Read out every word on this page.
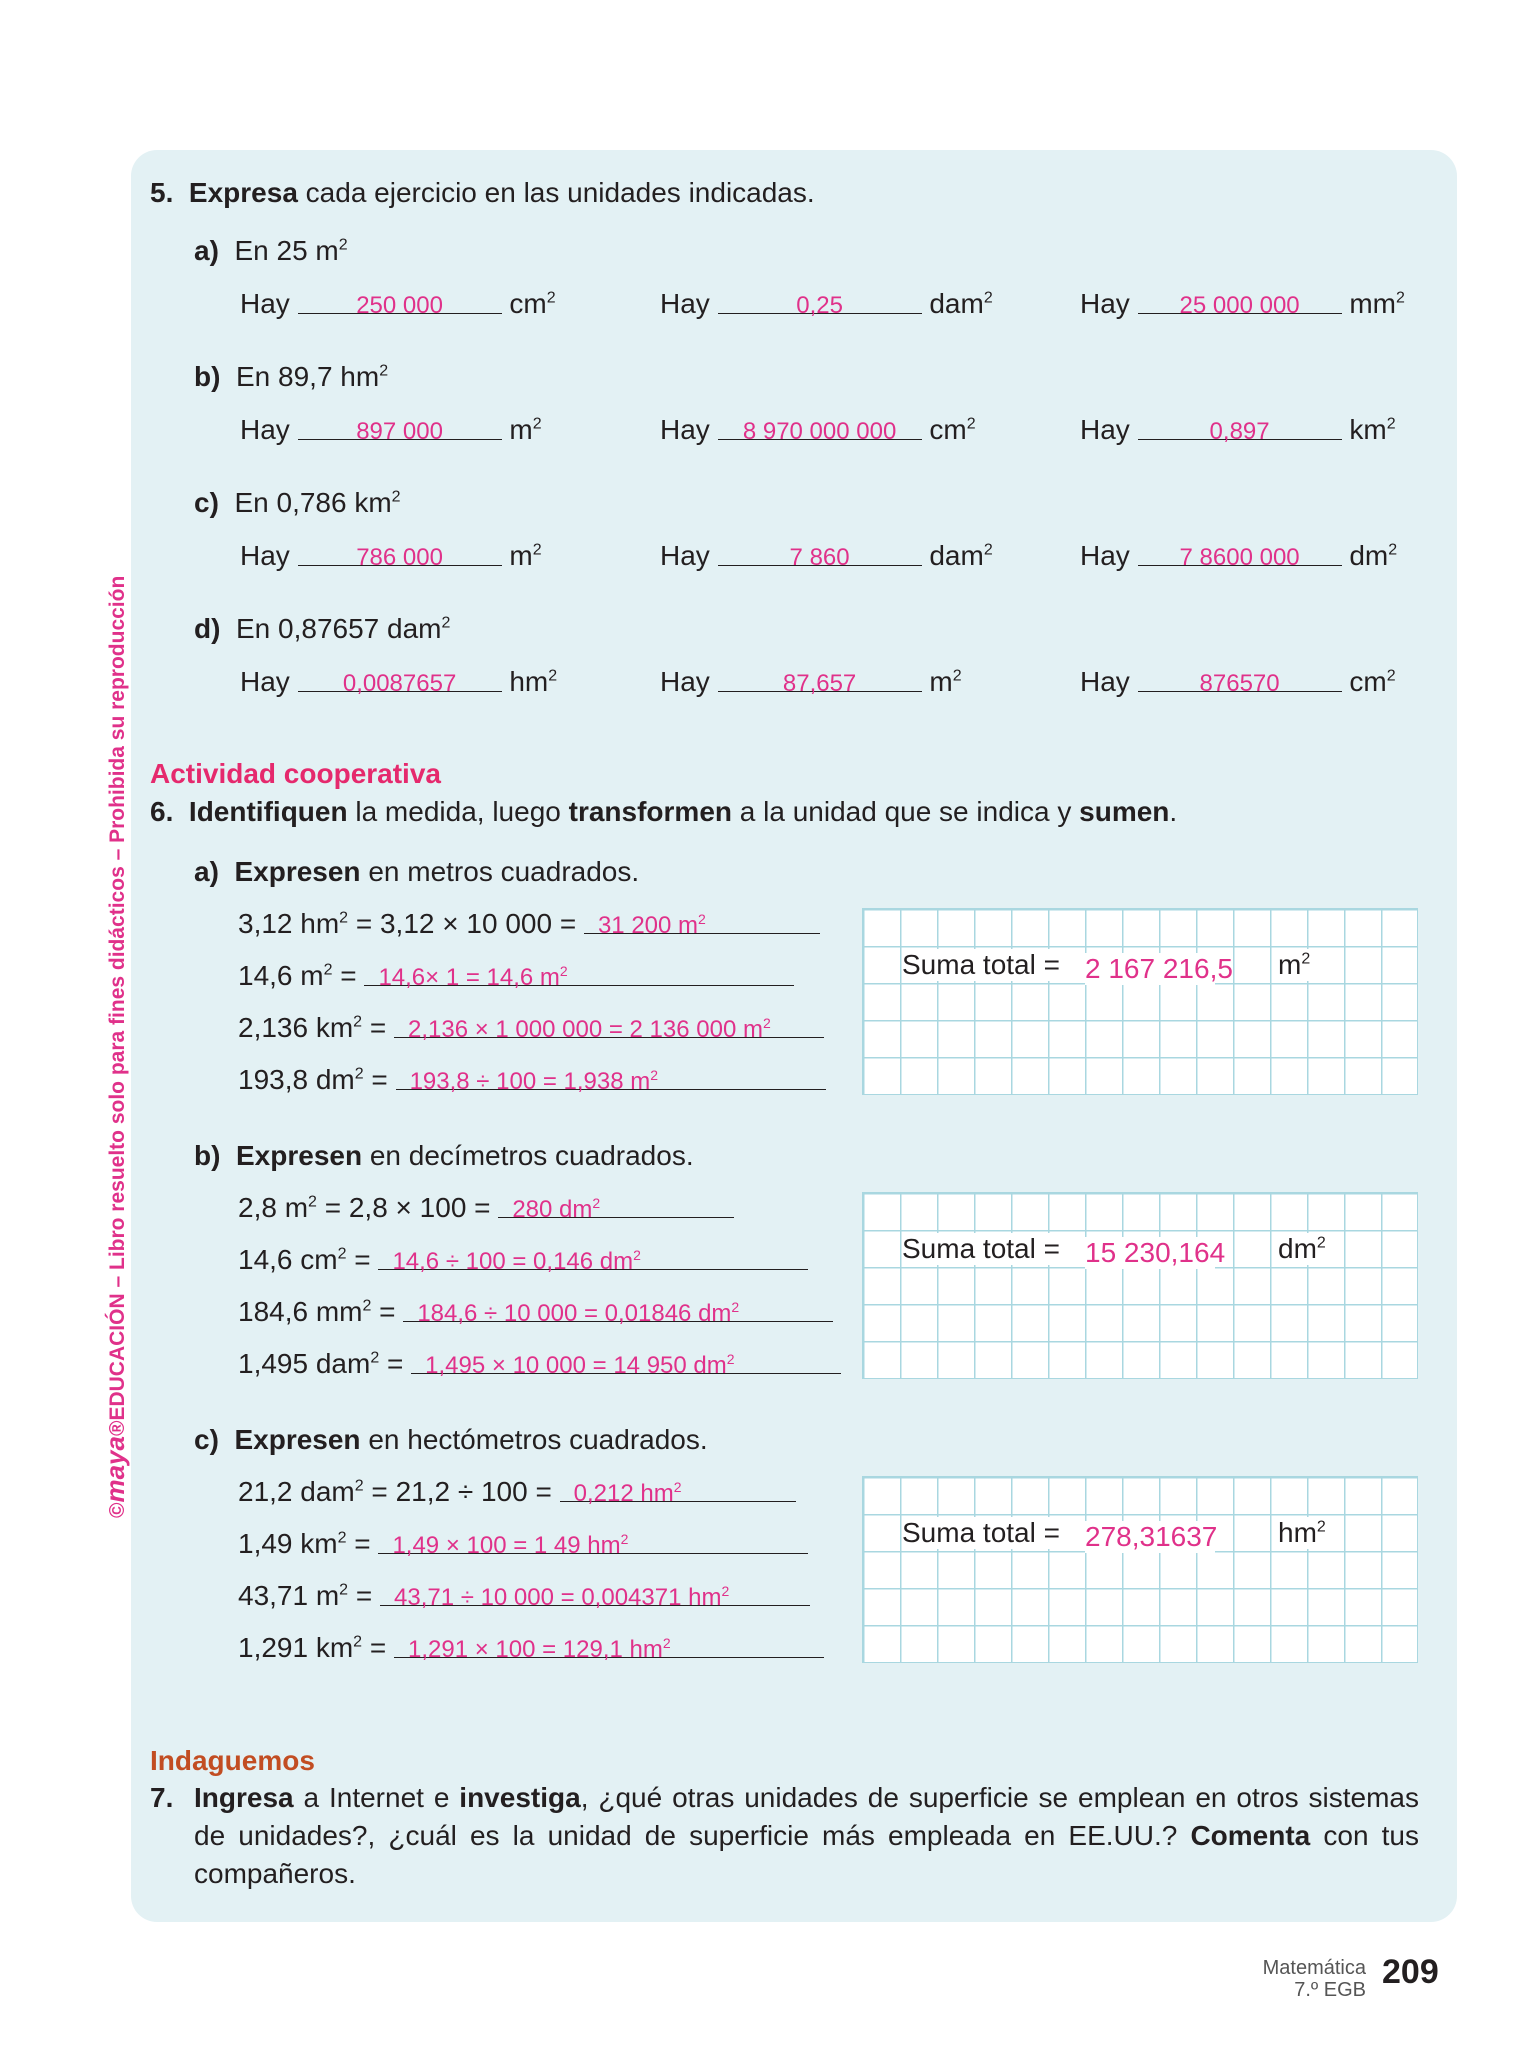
©maya®EDUCACIÓN – Libro resuelto solo para fines didácticos – Prohibida su reproducción
5. Expresa cada ejercicio en las unidades indicadas.
a) En 25 $m^2$
Hay	250 000 $cm^2$	Hay	0,25	dam$^2$	Hay 25 000 000 $mm^2$
b) En 89,7 $hm^2$
Hay	897 000 $m^2$	Hay 8 970 000 000 $cm^2$	Hay	0,897	$km^2$
c) En 0,786 $km^2$
Hay	786 000 $m^2$	Hay	7 860	dam$^2$	Hay 7 8600 000 $dm^2$
d) En 0,87657 dam$^2$
Hay 0,0087657 $hm^2$	Hay	87,657	$m^2$	Hay	876570 $cm^2$
Actividad cooperativa
6. Identifiquen la medida, luego transformen a la unidad que se indica y sumen.
a) Expresen en metros cuadrados.
3,12 $hm^2 = 3,12 \times 10$ 000 = 31 200 $m^2$
14,6 $m^2 = 14,6\times 1 = 14,6$ $m^2$
2,136 $km^2 = 2,136 \times 1$ 000 000 = 2 136 000 $m^2$
193,8 $dm^2 = 193,8 \div 100 = 1,938$ $m^2$
Suma total = 2 167 216,5 $m^2$
b) Expresen en decímetros cuadrados.
2,8 $m^2 = 2,8 \times 100 = 280$ $dm^2$
14,6 $cm^2 = 14,6 \div 100 = 0,146$ $dm^2$
184,6 $mm^2 = 184,6 \div 10$ 000 = 0,01846 $dm^2$
1,495 dam$^2$ = 1,495 × 10 000 = 14 950 $dm^2$
Suma total = 15 230,164 $dm^2$
c) Expresen en hectómetros cuadrados.
21,2 dam$^2$ = 21,2 ÷ 100 = 0,212 $hm^2$
1,49 $km^2 = 1,49 \times 100 = 1$ 49 $hm^2$
43,71 $m^2 = 43,71 \div 10$ 000 = 0,004371 $hm^2$
1,291 $km^2 = 1,291 \times 100 = 129,1$ $hm^2$
Suma total = 278,31637 $hm^2$
Indaguemos
7. Ingresa a Internet e investiga, ¿qué otras unidades de superficie se emplean en otros sistemas de unidades?, ¿cuál es la unidad de superficie más empleada en EE.UU.? Comenta con tus compañeros.
Matemática
7.º EGB 209
